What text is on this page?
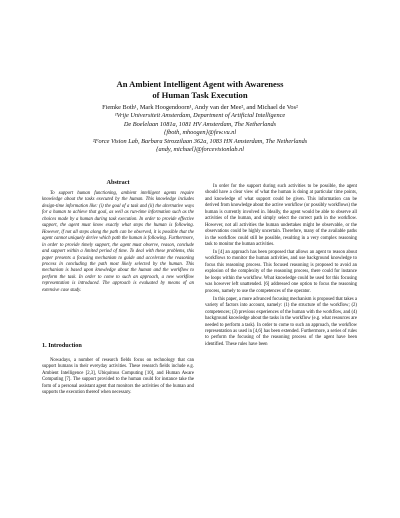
An Ambient Intelligent Agent with Awareness
of Human Task Execution
Fiemke Both¹, Mark Hoogendoorn¹, Andy van der Mee², and Michael de Vos²
¹Vrije Universiteit Amsterdam, Department of Artificial Intelligence
De Boelelaan 1081a, 1081 HV Amsterdam, The Netherlands
{fboth, mhoogen}@few.vu.nl
²Force Vision Lab, Barbara Strozzilaan 362a, 1083 HN Amsterdam, The Netherlands
{andy, michael}@forcevisionlab.nl
Abstract

To support human functioning, ambient intelligent agents require knowledge about the tasks executed by the human. This knowledge includes design-time information like: (i) the goal of a task and (ii) the alternative ways for a human to achieve that goal, as well as run-time information such as the choices made by a human during task execution. In order to provide effective support, the agent must know exactly what steps the human is following. However, if not all steps along the path can be observed, it is possible that the agent cannot uniquely derive which path the human is following. Furthermore, in order to provide timely support, the agent must observe, reason, conclude and support within a limited period of time. To deal with these problems, this paper presents a focusing mechanism to guide and accelerate the reasoning process in concluding the path most likely selected by the human. This mechanism is based upon knowledge about the human and the workflow to perform the task. In order to come to such an approach, a new workflow representation is introduced. The approach is evaluated by means of an extensive case study.

1. Introduction

Nowadays, a number of research fields focus on technology that can support humans in their everyday activities. These research fields include e.g. Ambient Intelligence [2,3], Ubiquitous Computing [10], and Human Aware Computing [7]. The support provided to the human could for instance take the form of a personal assistant agent that monitors the activities of the human and supports the execution thereof when necessary.

In order for the support during such activities to be possible, the agent should have a clear view of what the human is doing at particular time points, and knowledge of what support could be given. This information can be derived from knowledge about the active workflow (or possibly workflows) the human is currently involved in. Ideally, the agent would be able to observe all activities of the human, and simply select the correct path in the workflow. However, not all activities the human undertakes might be observable, or the observations could be highly uncertain. Therefore, many of the available paths in the workflow could still be possible, resulting in a very complex reasoning task to monitor the human activities.

In [4] an approach has been proposed that allows an agent to reason about workflows to monitor the human activities, and use background knowledge to focus this reasoning process. This focused reasoning is proposed to avoid an explosion of the complexity of the reasoning process, there could for instance be loops within the workflow. What knowledge could be used for this focusing was however left unattended. [6] addressed one option to focus the reasoning process, namely to use the competences of the operator.

In this paper, a more advanced focusing mechanism is proposed that takes a variety of factors into account, namely: (1) the structure of the workflow; (2) competences; (3) previous experiences of the human with the workflow, and (4) background knowledge about the tasks in the workflow (e.g. what resources are needed to perform a task). In order to come to such an approach, the workflow representation as used in [4,6] has been extended. Furthermore, a series of rules to perform the focusing of the reasoning process of the agent have been identified. These rules have been
